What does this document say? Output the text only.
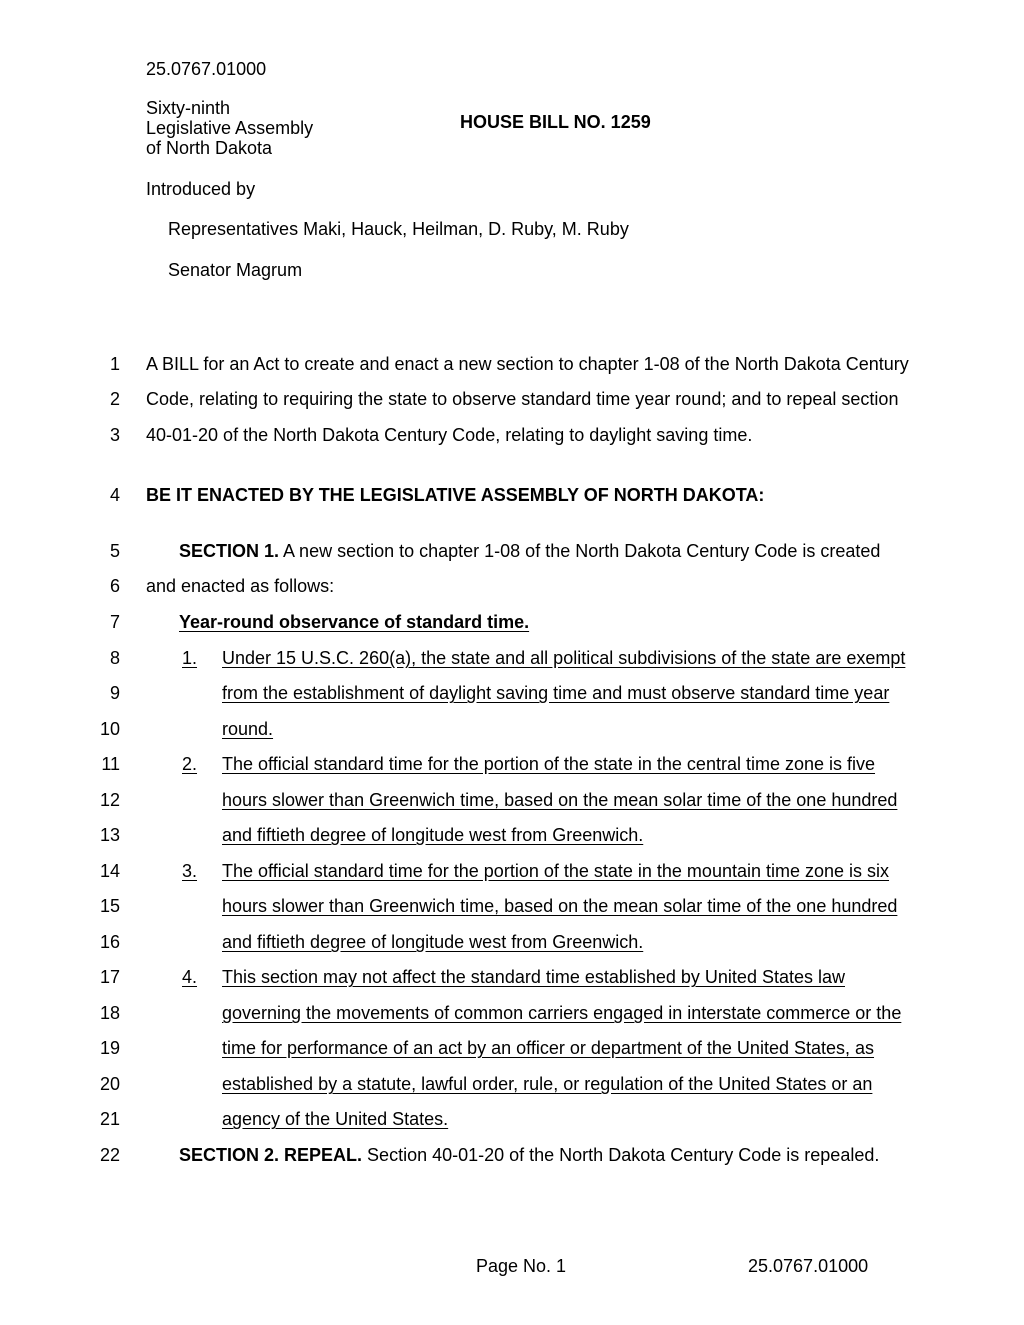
25.0767.01000
Sixty-ninth
Legislative Assembly
of North Dakota
HOUSE BILL NO. 1259
Introduced by
Representatives Maki, Hauck, Heilman, D. Ruby, M. Ruby
Senator Magrum
1
2
3
4
5
6
7
8
9
10
11
12
13
14
15
16
17
18
19
20
21
22
A BILL for an Act to create and enact a new section to chapter 1-08 of the North Dakota Century
Code, relating to requiring the state to observe standard time year round; and to repeal section
40-01-20 of the North Dakota Century Code, relating to daylight saving time.
BE IT ENACTED BY THE LEGISLATIVE ASSEMBLY OF NORTH DAKOTA:
SECTION 1. A new section to chapter 1-08 of the North Dakota Century Code is created
and enacted as follows:
Year-round observance of standard time.
1. Under 15 U.S.C. 260(a), the state and all political subdivisions of the state are exempt
from the establishment of daylight saving time and must observe standard time year
round.
2. The official standard time for the portion of the state in the central time zone is five
hours slower than Greenwich time, based on the mean solar time of the one hundred
and fiftieth degree of longitude west from Greenwich.
3. The official standard time for the portion of the state in the mountain time zone is six
hours slower than Greenwich time, based on the mean solar time of the one hundred
and fiftieth degree of longitude west from Greenwich.
4. This section may not affect the standard time established by United States law
governing the movements of common carriers engaged in interstate commerce or the
time for performance of an act by an officer or department of the United States, as
established by a statute, lawful order, rule, or regulation of the United States or an
agency of the United States.
SECTION 2. REPEAL. Section 40-01-20 of the North Dakota Century Code is repealed.
Page No. 1	25.0767.01000
